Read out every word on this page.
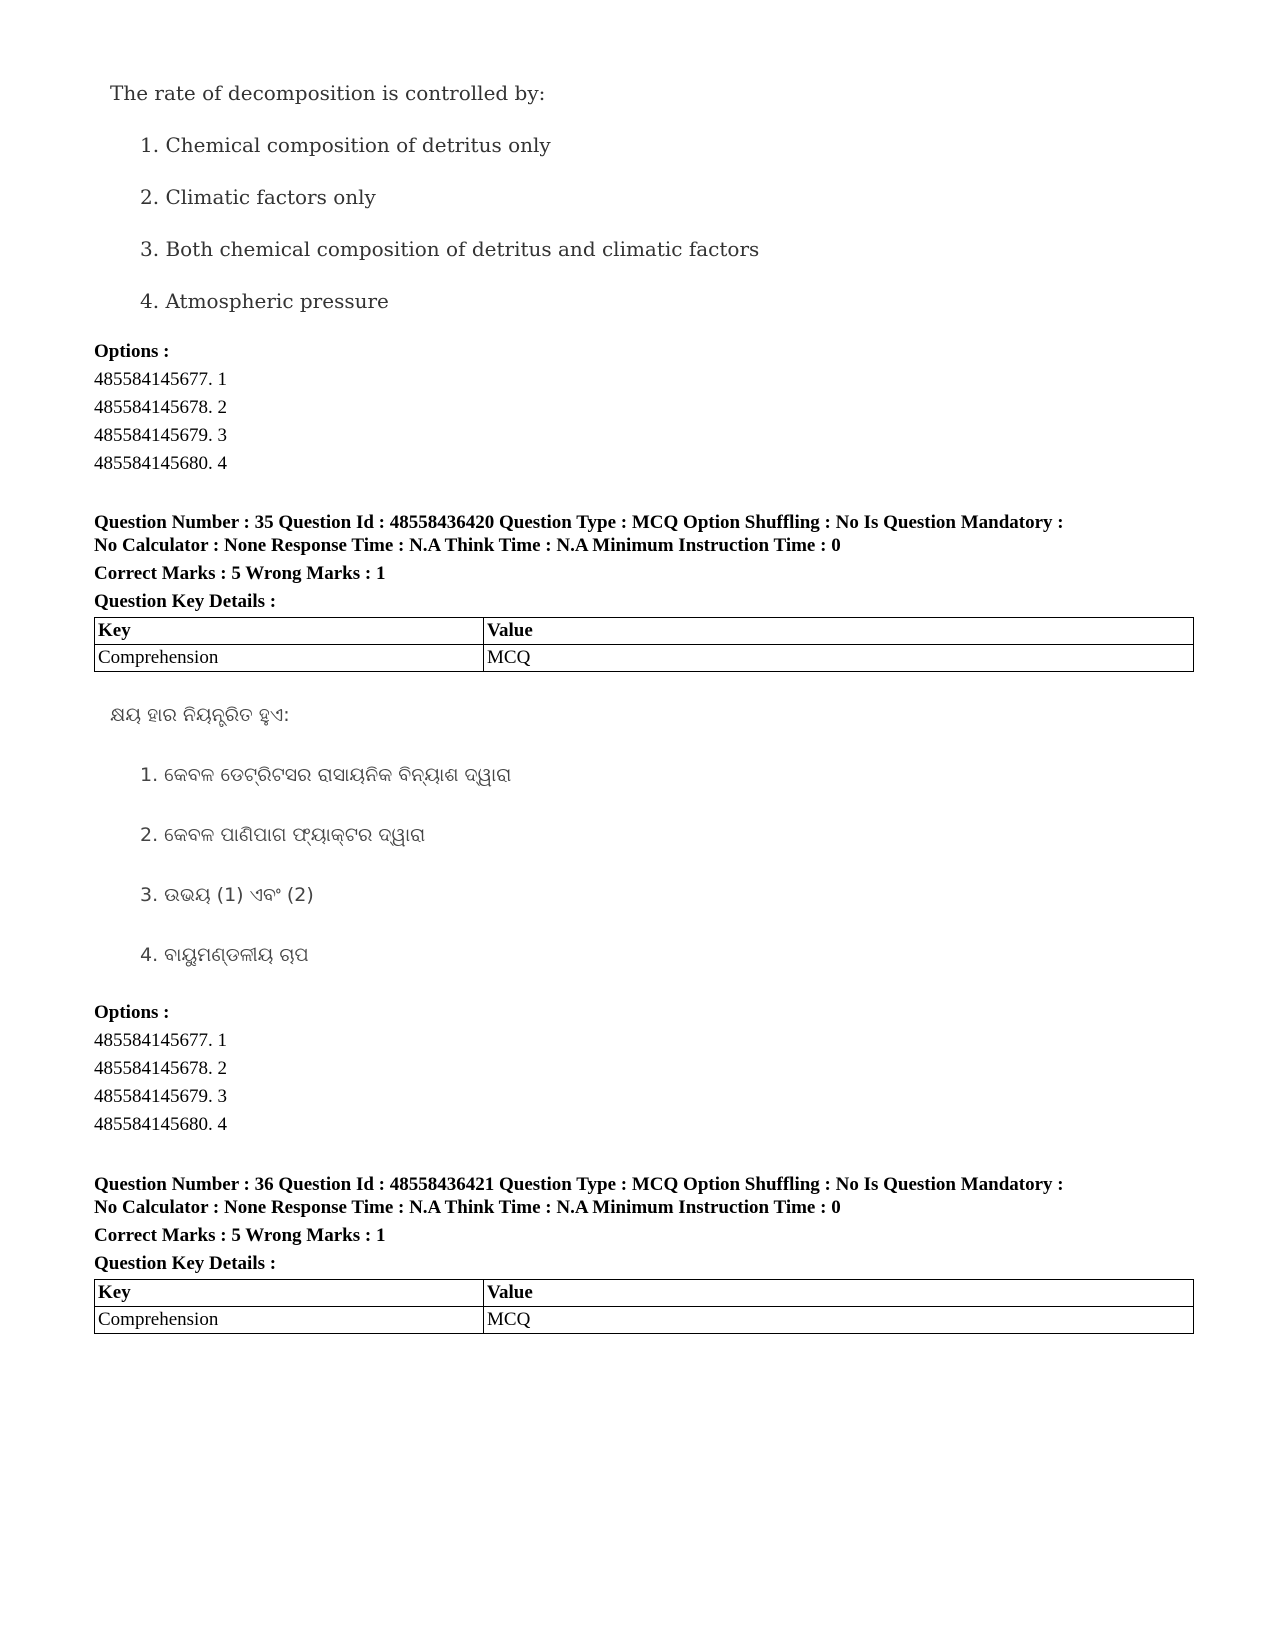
The rate of decomposition is controlled by:
1. Chemical composition of detritus only
2. Climatic factors only
3. Both chemical composition of detritus and climatic factors
4. Atmospheric pressure
Options :
485584145677. 1
485584145678. 2
485584145679. 3
485584145680. 4
Question Number : 35 Question Id : 48558436420 Question Type : MCQ Option Shuffling : No Is Question Mandatory :
No Calculator : None Response Time : N.A Think Time : N.A Minimum Instruction Time : 0
Correct Marks : 5 Wrong Marks : 1
Question Key Details :
Key	Value
Comprehension	MCQ
କ୍ଷୟ ହାର ନିୟନ୍ତ୍ରିତ ହୁଏ:
1. କେବଳ ଡେଟ୍ରିଟସର ରାସାୟନିକ ବିନ୍ୟାଶ ଦ୍ୱାରା
2. କେବଳ ପାଣିପାଗ ଫ୍ୟାକ୍ଟର ଦ୍ୱାରା
3. ଉଭୟ (1) ଏବଂ (2)
4. ବାୟୁମଣ୍ଡଳୀୟ ଚାପ
Options :
485584145677. 1
485584145678. 2
485584145679. 3
485584145680. 4
Question Number : 36 Question Id : 48558436421 Question Type : MCQ Option Shuffling : No Is Question Mandatory :
No Calculator : None Response Time : N.A Think Time : N.A Minimum Instruction Time : 0
Correct Marks : 5 Wrong Marks : 1
Question Key Details :
Key	Value
Comprehension	MCQ
